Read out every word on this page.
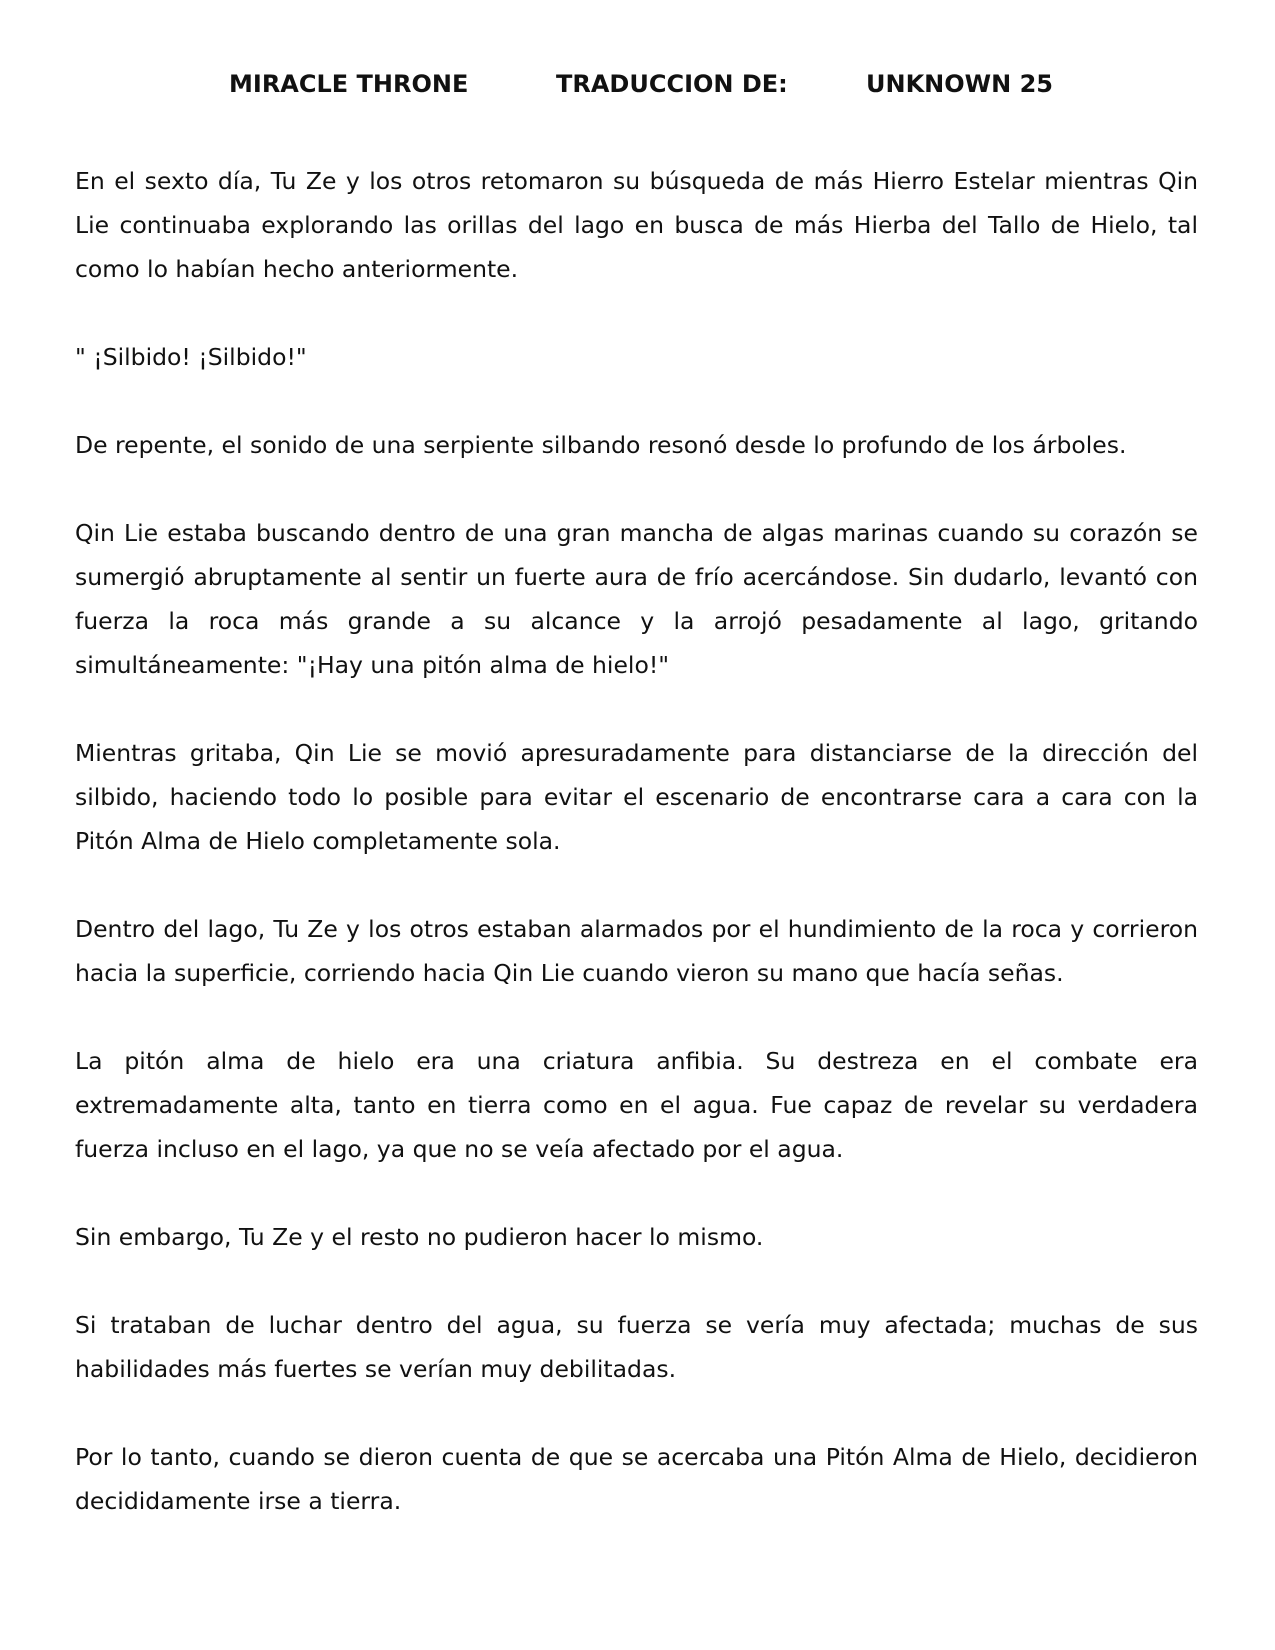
MIRACLE THRONE	TRADUCCION DE:	UNKNOWN 25

En el sexto día, Tu Ze y los otros retomaron su búsqueda de más Hierro Estelar mientras Qin Lie continuaba explorando las orillas del lago en busca de más Hierba del Tallo de Hielo, tal como lo habían hecho anteriormente.

" ¡Silbido! ¡Silbido!"

De repente, el sonido de una serpiente silbando resonó desde lo profundo de los árboles.

Qin Lie estaba buscando dentro de una gran mancha de algas marinas cuando su corazón se sumergió abruptamente al sentir un fuerte aura de frío acercándose. Sin dudarlo, levantó con fuerza la roca más grande a su alcance y la arrojó pesadamente al lago, gritando simultáneamente: "¡Hay una pitón alma de hielo!"

Mientras gritaba, Qin Lie se movió apresuradamente para distanciarse de la dirección del silbido, haciendo todo lo posible para evitar el escenario de encontrarse cara a cara con la Pitón Alma de Hielo completamente sola.

Dentro del lago, Tu Ze y los otros estaban alarmados por el hundimiento de la roca y corrieron hacia la superficie, corriendo hacia Qin Lie cuando vieron su mano que hacía señas.

La pitón alma de hielo era una criatura anfibia. Su destreza en el combate era extremadamente alta, tanto en tierra como en el agua. Fue capaz de revelar su verdadera fuerza incluso en el lago, ya que no se veía afectado por el agua.

Sin embargo, Tu Ze y el resto no pudieron hacer lo mismo.

Si trataban de luchar dentro del agua, su fuerza se vería muy afectada; muchas de sus habilidades más fuertes se verían muy debilitadas.

Por lo tanto, cuando se dieron cuenta de que se acercaba una Pitón Alma de Hielo, decidieron decididamente irse a tierra.
